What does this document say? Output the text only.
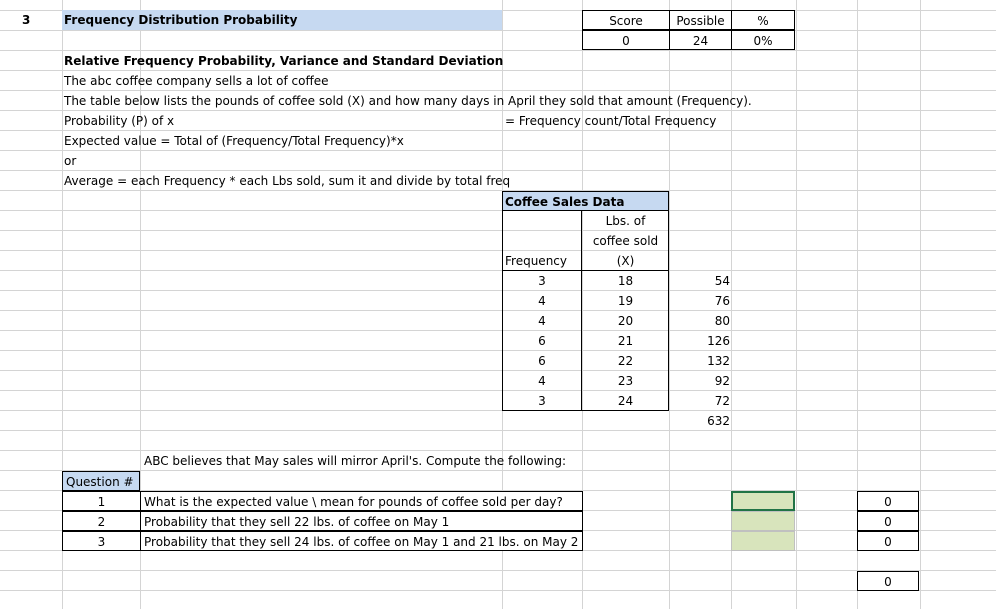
3	Frequency Distribution Probability	Score	Possible	%
0	24	0%
Relative Frequency Probability, Variance and Standard Deviation
The abc coffee company sells a lot of coffee
The table below lists the pounds of coffee sold (X) and how many days in April they sold that amount (Frequency).
Probability (P) of x	= Frequency count/Total Frequency
Expected value = Total of (Frequency/Total Frequency)*x
or
Average = each Frequency * each Lbs sold, sum it and divide by total freq
Coffee Sales Data
Lbs. of
coffee sold
Frequency	(X)
3	18	54
4	19	76
4	20	80
6	21	126
6	22	132
4	23	92
3	24	72
632
ABC believes that May sales will mirror April's. Compute the following:
Question #
1	What is the expected value \ mean for pounds of coffee sold per day?	0
2	Probability that they sell 22 lbs. of coffee on May 1	0
3	Probability that they sell 24 lbs. of coffee on May 1 and 21 lbs. on May 2	0
0
